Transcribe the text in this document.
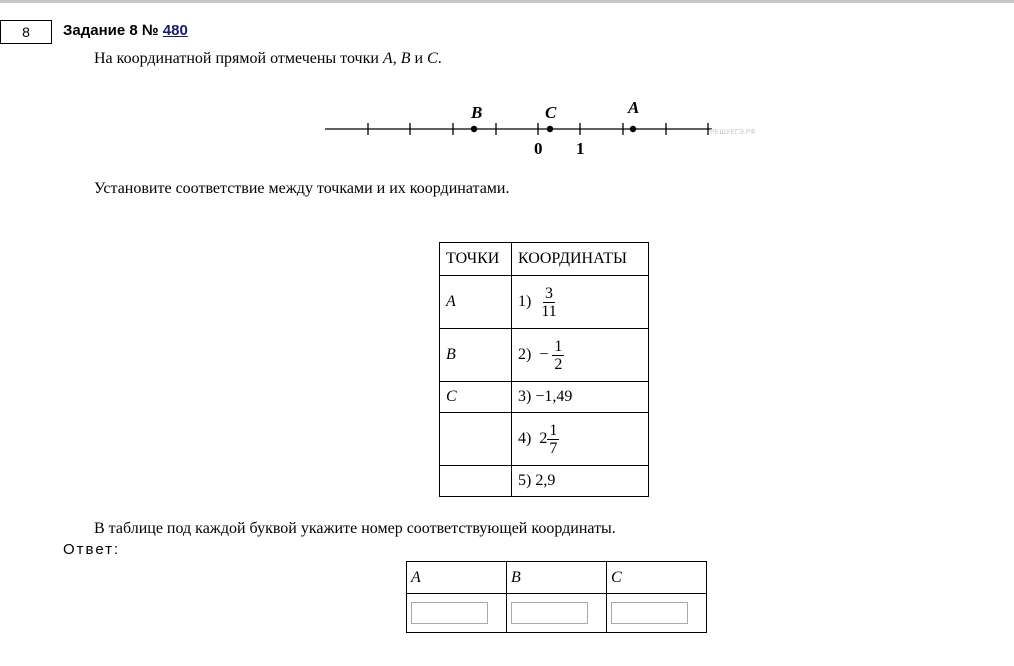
8	Задание 8 № 480
На координатной прямой отмечены точки A, B и C.
B	C	A
0 1
РЕШУЕГЭ.РФ
Установите соответствие между точками и их координатами.
ТОЧКИ	КООРДИНАТЫ
A	$1) \frac{3}{11}$

B	$2) - \frac{1}{2}$

C	3) −1,49
	4) $2 \frac{1}{7}$

	5) 2,9
В таблице под каждой буквой укажите номер соответствующей координаты.
Ответ:
A	B	C
